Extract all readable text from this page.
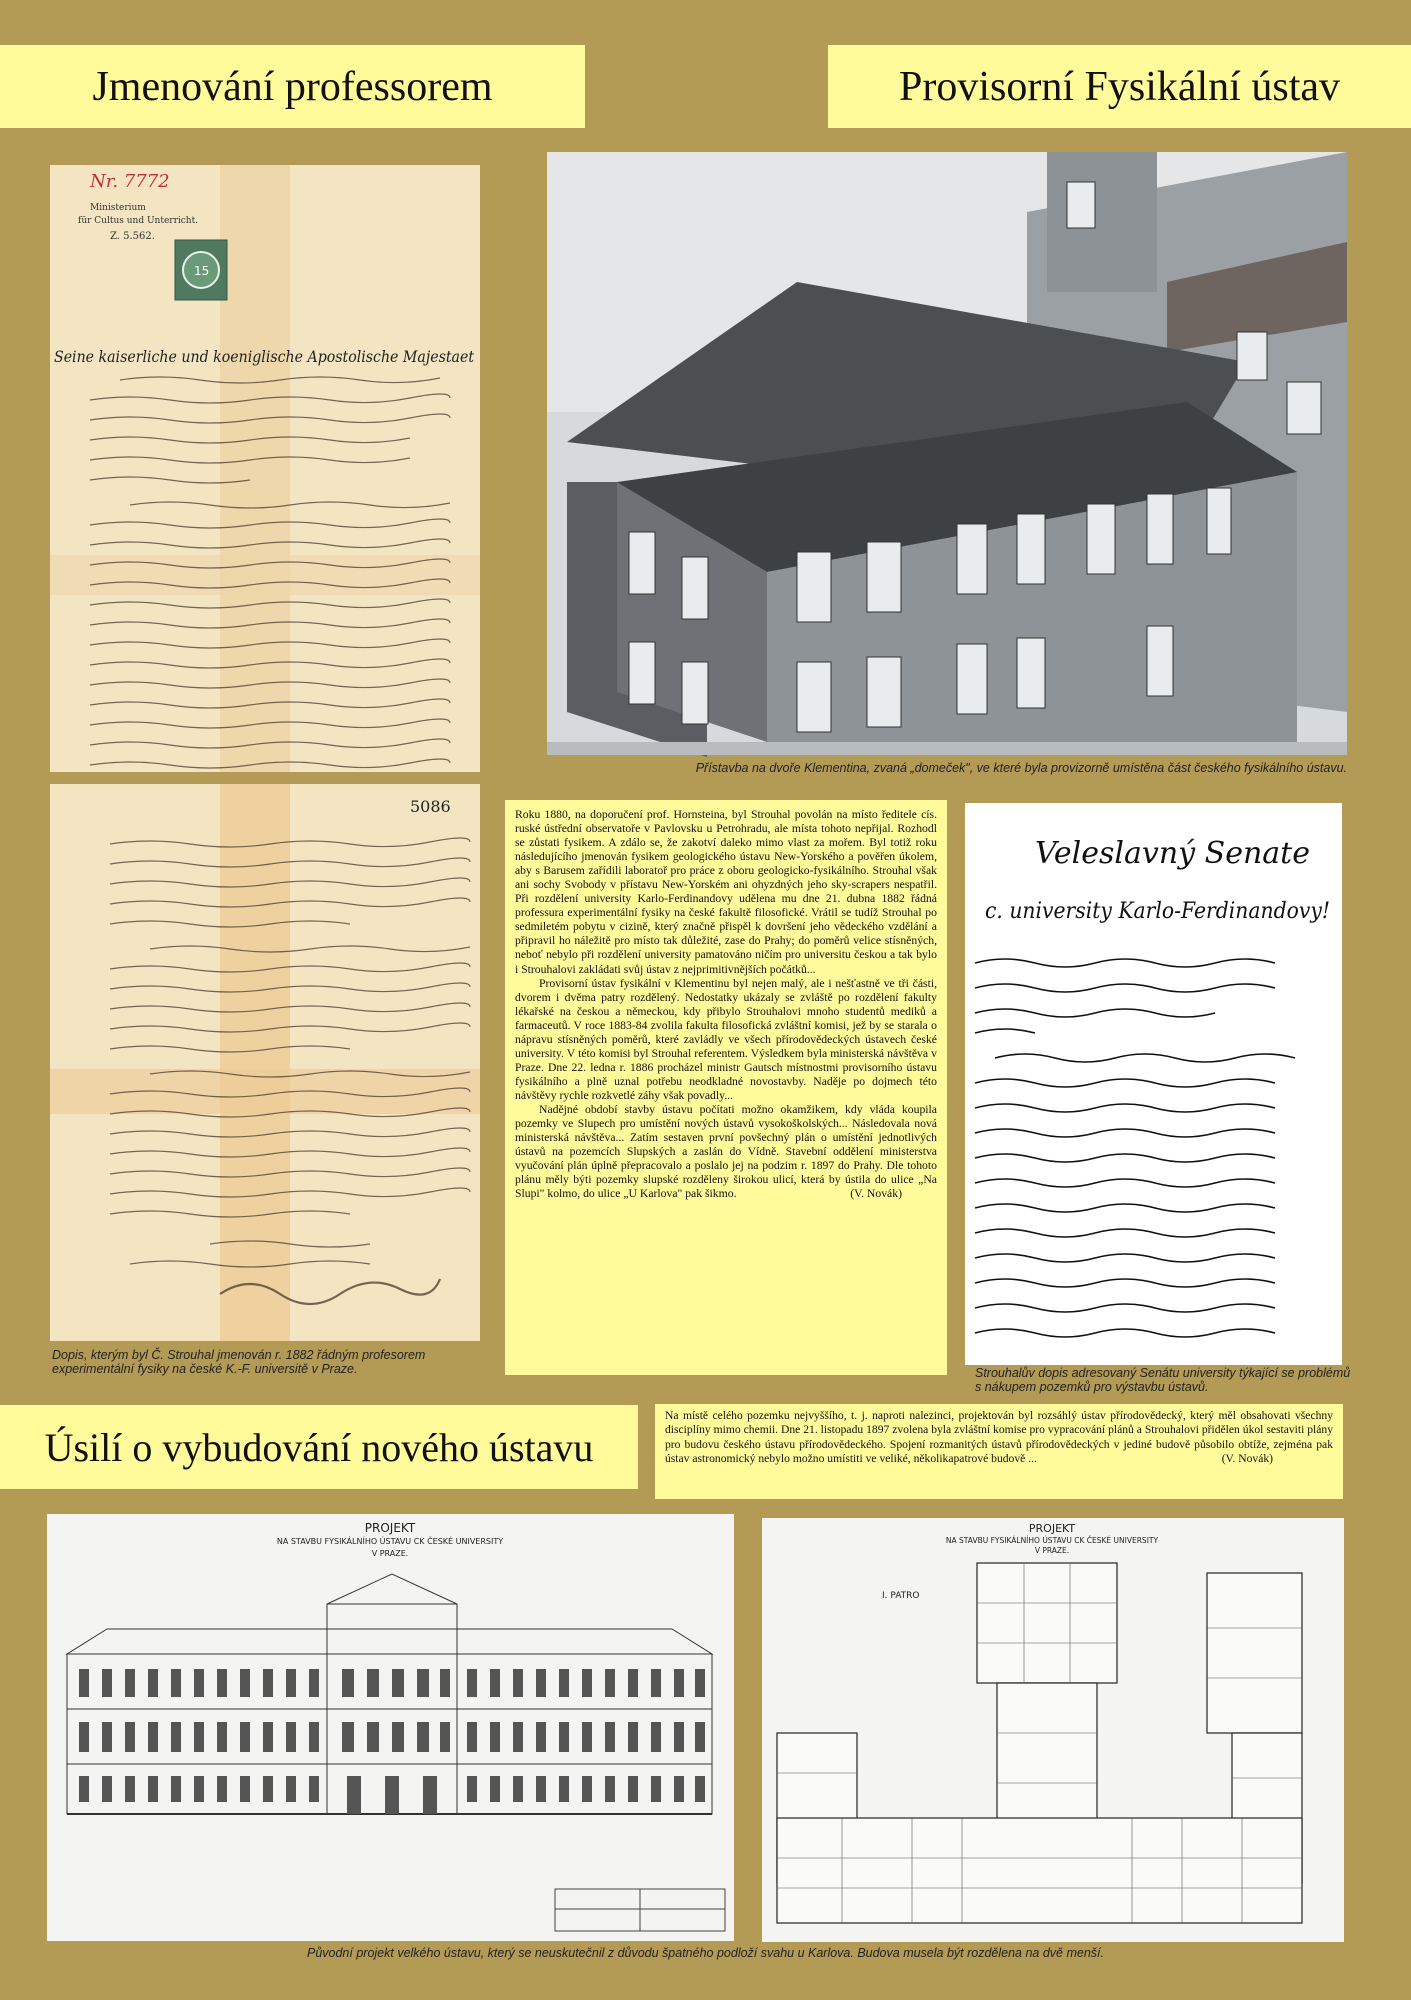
Jmenování professorem	Provisorní Fysikální ústav
Nr. 7772
Ministerium
für Cultus und Unterricht.
Z. 5.562.
15
Seine kaiserliche und koeniglische Apostolische Majestaet
5086
Dopis, kterým byl Č. Strouhal jmenován r. 1882 řádným profesorem experimentální fysiky na české K.-F. universitě v Praze.
Přístavba na dvoře Klementina, zvaná „domeček", ve které byla provizorně umístěna část českého fysikálního ústavu.

Roku 1880, na doporučení prof. Hornsteina, byl Strouhal povolán na místo ředitele cís. ruské ústřední observatoře v Pavlovsku u Petrohradu, ale místa tohoto nepřijal. Rozhodl se zůstati fysikem. A zdálo se, že zakotví daleko mimo vlast za mořem. Byl totiž roku následujícího jmenován fysikem geologického ústavu New-Yorského a pověřen úkolem, aby s Barusem zařídili laboratoř pro práce z oboru geologicko-fysikálního. Strouhal však ani sochy Svobody v přístavu New-Yorském ani ohyzdných jeho sky-scrapers nespatřil. Při rozdělení university Karlo-Ferdinandovy udělena mu dne 21. dubna 1882 řádná professura experimentální fysiky na české fakultě filosofické. Vrátil se tudíž Strouhal po sedmiletém pobytu v cizině, který značně přispěl k dovršení jeho vědeckého vzdělání a připravil ho náležitě pro místo tak důležité, zase do Prahy; do poměrů velice stísněných, neboť nebylo při rozdělení university pamatováno ničím pro universitu českou a tak bylo i Strouhalovi zakládati svůj ústav z nejprimitivnějších počátků...

Provisorní ústav fysikální v Klementinu byl nejen malý, ale i nešťastně ve tři části, dvorem i dvěma patry rozdělený. Nedostatky ukázaly se zvláště po rozdělení fakulty lékařské na českou a německou, kdy přibylo Strouhalovi mnoho studentů mediků a farmaceutů. V roce 1883-84 zvolila fakulta filosofická zvláštní komisi, jež by se starala o nápravu stísněných poměrů, které zavládly ve všech přírodovědeckých ústavech české university. V této komisi byl Strouhal referentem. Výsledkem byla ministerská návštěva v Praze. Dne 22. ledna r. 1886 procházel ministr Gautsch místnostmi provisorního ústavu fysikálního a plně uznal potřebu neodkladné novostavby. Naděje po dojmech této návštěvy rychle rozkvetlé záhy však povadly...

Nadějné období stavby ústavu počítati možno okamžikem, kdy vláda koupila pozemky ve Slupech pro umístění nových ústavů vysokoškolských... Následovala nová ministerská návštěva... Zatím sestaven první povšechný plán o umístění jednotlivých ústavů na pozemcích Slupských a zaslán do Vídně. Stavební oddělení ministerstva vyučování plán úplně přepracovalo a poslalo jej na podzim r. 1897 do Prahy. Dle tohoto plánu měly býti pozemky slupské rozděleny širokou ulicí, která by ústila do ulice „Na Slupi" kolmo, do ulice „U Karlova" pak šikmo.	(V. Novák)
Veleslavný Senate
c. university Karlo-Ferdinandovy!
Strouhalův dopis adresovaný Senátu university týkající se problémů s nákupem pozemků pro výstavbu ústavů.
Úsilí o vybudování nového ústavu
Na místě celého pozemku nejvyššího, t. j. naproti nalezinci, projektován byl rozsáhlý ústav přírodovědecký, který měl obsahovati všechny disciplíny mimo chemii. Dne 21. listopadu 1897 zvolena byla zvláštní komise pro vypracování plánů a Strouhalovi přidělen úkol sestaviti plány pro budovu českého ústavu přírodovědeckého. Spojení rozmanitých ústavů přírodovědeckých v jediné budově působilo obtíže, zejména pak ústav astronomický nebylo možno umístiti ve veliké, několikapatrové budově ...	(V. Novák)
PROJEKT
NA STAVBU FYSIKÁLNÍHO ÚSTAVU CK ČESKÉ UNIVERSITY
V PRAZE.
PROJEKT
NA STAVBU FYSIKÁLNÍHO ÚSTAVU CK ČESKÉ UNIVERSITY
V PRAZE.
I. PATRO
Původní projekt velkého ústavu, který se neuskutečnil z důvodu špatného podloží svahu u Karlova. Budova musela být rozdělena na dvě menší.
